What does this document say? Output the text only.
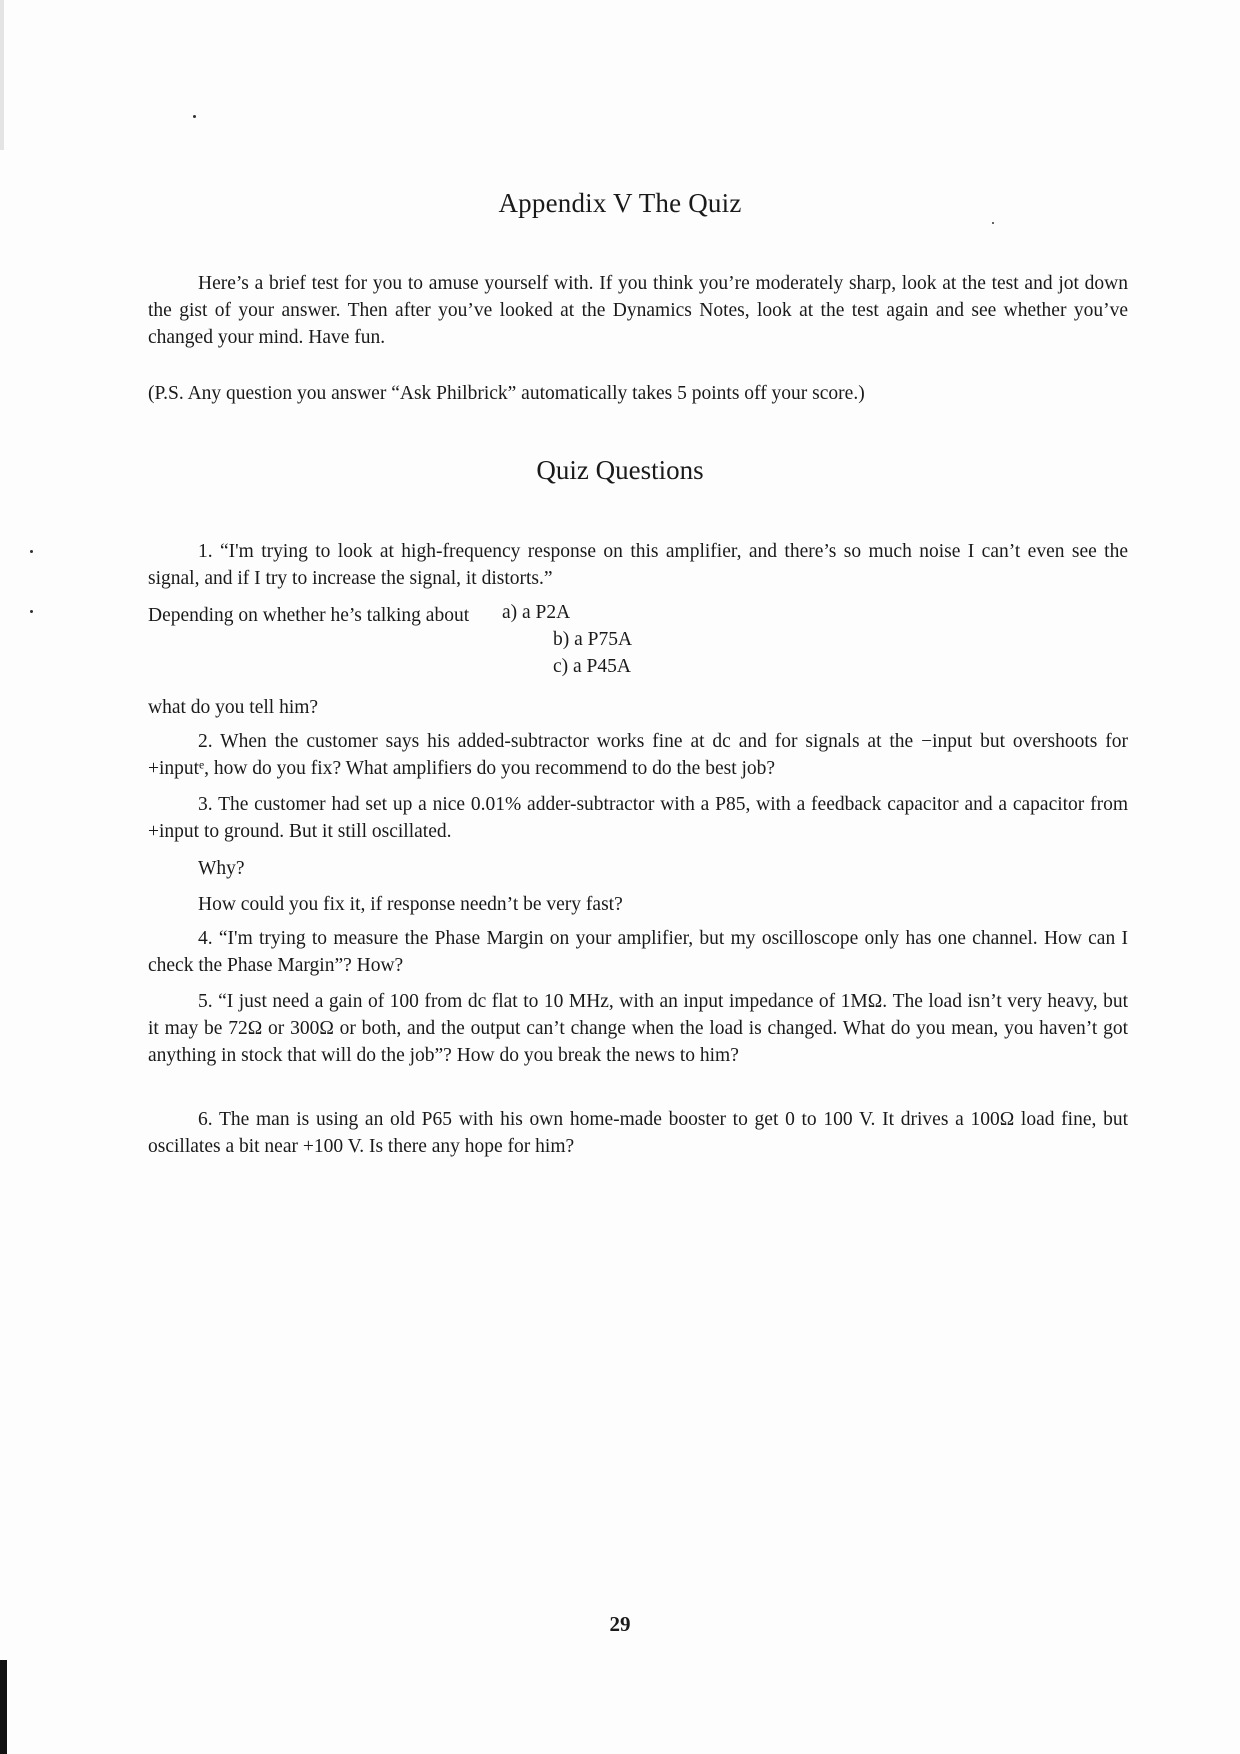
Appendix V The Quiz

Here’s a brief test for you to amuse yourself with. If you think you’re moderately sharp, look at the test and jot down the gist of your answer. Then after you’ve looked at the Dynamics Notes, look at the test again and see whether you’ve changed your mind. Have fun.

(P.S. Any question you answer “Ask Philbrick” automatically takes 5 points off your score.)

Quiz Questions

1. “I'm trying to look at high-frequency response on this amplifier, and there’s so much noise I can’t even see the signal, and if I try to increase the signal, it distorts.”

Depending on whether he’s talking about a) a P2A
b) a P75A
c) a P45A

what do you tell him?

2. When the customer says his added-subtractor works fine at dc and for signals at the −input but overshoots for +inputᵉ, how do you fix? What amplifiers do you recommend to do the best job?

3. The customer had set up a nice 0.01% adder-subtractor with a P85, with a feedback capacitor and a capacitor from +input to ground. But it still oscillated.

Why?

How could you fix it, if response needn’t be very fast?

4. “I'm trying to measure the Phase Margin on your amplifier, but my oscilloscope only has one channel. How can I check the Phase Margin”? How?

5. “I just need a gain of 100 from dc flat to 10 MHz, with an input impedance of 1MΩ. The load isn’t very heavy, but it may be 72Ω or 300Ω or both, and the output can’t change when the load is changed. What do you mean, you haven’t got anything in stock that will do the job”? How do you break the news to him?

6. The man is using an old P65 with his own home-made booster to get 0 to 100 V. It drives a 100Ω load fine, but oscillates a bit near +100 V. Is there any hope for him?

29
